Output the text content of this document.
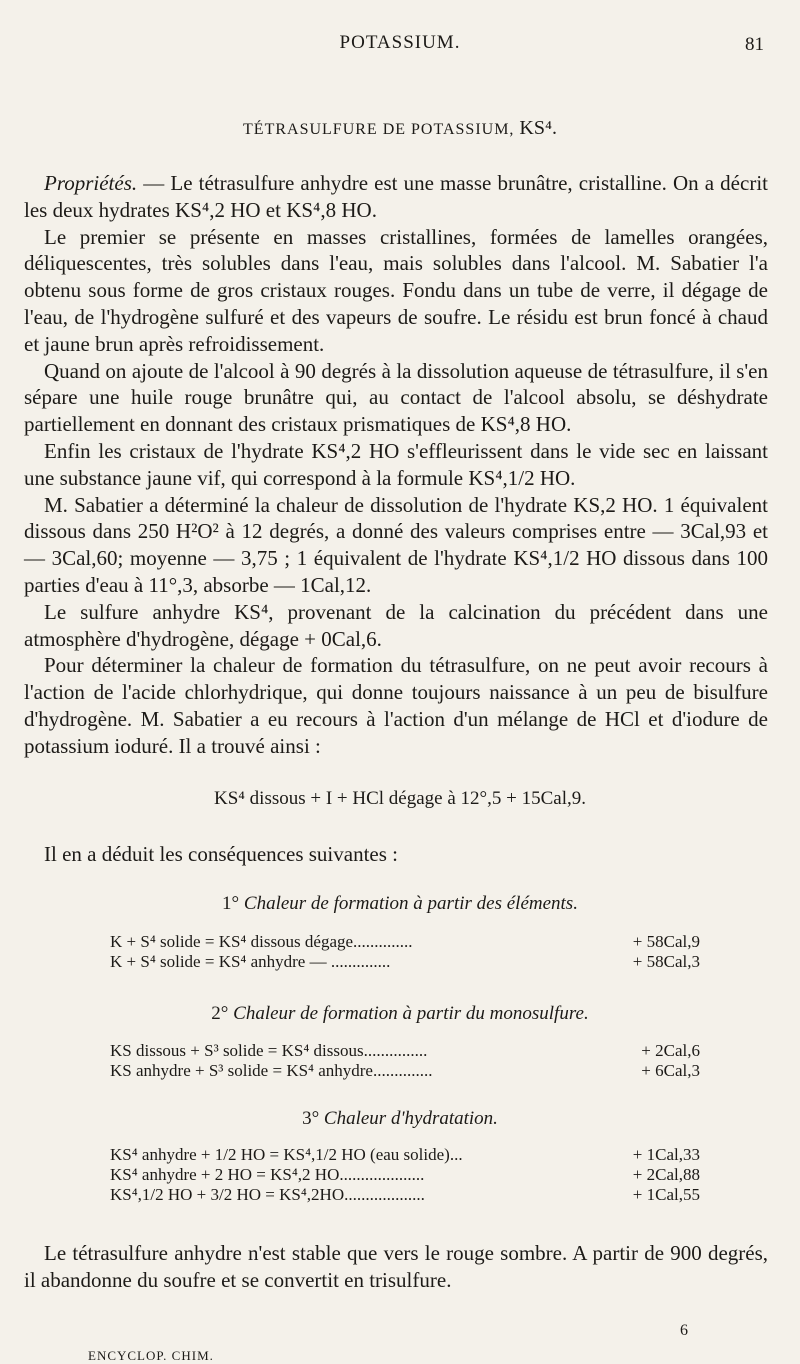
POTASSIUM.	81
TÉTRASULFURE DE POTASSIUM, KS⁴.

Propriétés. — Le tétrasulfure anhydre est une masse brunâtre, cristalline. On a décrit les deux hydrates KS⁴,2 HO et KS⁴,8 HO.

Le premier se présente en masses cristallines, formées de lamelles orangées, déliquescentes, très solubles dans l'eau, mais solubles dans l'alcool. M. Sabatier l'a obtenu sous forme de gros cristaux rouges. Fondu dans un tube de verre, il dégage de l'eau, de l'hydrogène sulfuré et des vapeurs de soufre. Le résidu est brun foncé à chaud et jaune brun après refroidissement.

Quand on ajoute de l'alcool à 90 degrés à la dissolution aqueuse de tétrasulfure, il s'en sépare une huile rouge brunâtre qui, au contact de l'alcool absolu, se déshydrate partiellement en donnant des cristaux prismatiques de KS⁴,8 HO.

Enfin les cristaux de l'hydrate KS⁴,2 HO s'effleurissent dans le vide sec en laissant une substance jaune vif, qui correspond à la formule KS⁴,1/2 HO.

M. Sabatier a déterminé la chaleur de dissolution de l'hydrate KS,2 HO. 1 équivalent dissous dans 250 H²O² à 12 degrés, a donné des valeurs comprises entre — 3Cal,93 et — 3Cal,60; moyenne — 3,75 ; 1 équivalent de l'hydrate KS⁴,1/2 HO dissous dans 100 parties d'eau à 11°,3, absorbe — 1Cal,12.

Le sulfure anhydre KS⁴, provenant de la calcination du précédent dans une atmosphère d'hydrogène, dégage + 0Cal,6.

Pour déterminer la chaleur de formation du tétrasulfure, on ne peut avoir recours à l'action de l'acide chlorhydrique, qui donne toujours naissance à un peu de bisulfure d'hydrogène. M. Sabatier a eu recours à l'action d'un mélange de HCl et d'iodure de potassium ioduré. Il a trouvé ainsi :

KS⁴ dissous + I + HCl dégage à 12°,5 + 15Cal,9.
Il en a déduit les conséquences suivantes :
1° Chaleur de formation à partir des éléments.
K + S⁴ solide = KS⁴ dissous dégage..............	+ 58Cal,9
K + S⁴ solide = KS⁴ anhydre — ..............	+ 58Cal,3
2° Chaleur de formation à partir du monosulfure.
KS dissous + S³ solide = KS⁴ dissous...............	+ 2Cal,6
KS anhydre + S³ solide = KS⁴ anhydre..............	+ 6Cal,3
3° Chaleur d'hydratation.
KS⁴ anhydre + 1/2 HO = KS⁴,1/2 HO (eau solide)...	+ 1Cal,33
KS⁴ anhydre + 2 HO = KS⁴,2 HO....................	+ 2Cal,88
KS⁴,1/2 HO + 3/2 HO = KS⁴,2HO...................	+ 1Cal,55

Le tétrasulfure anhydre n'est stable que vers le rouge sombre. A partir de 900 degrés, il abandonne du soufre et se convertit en trisulfure.

ENCYCLOP. CHIM.
6
